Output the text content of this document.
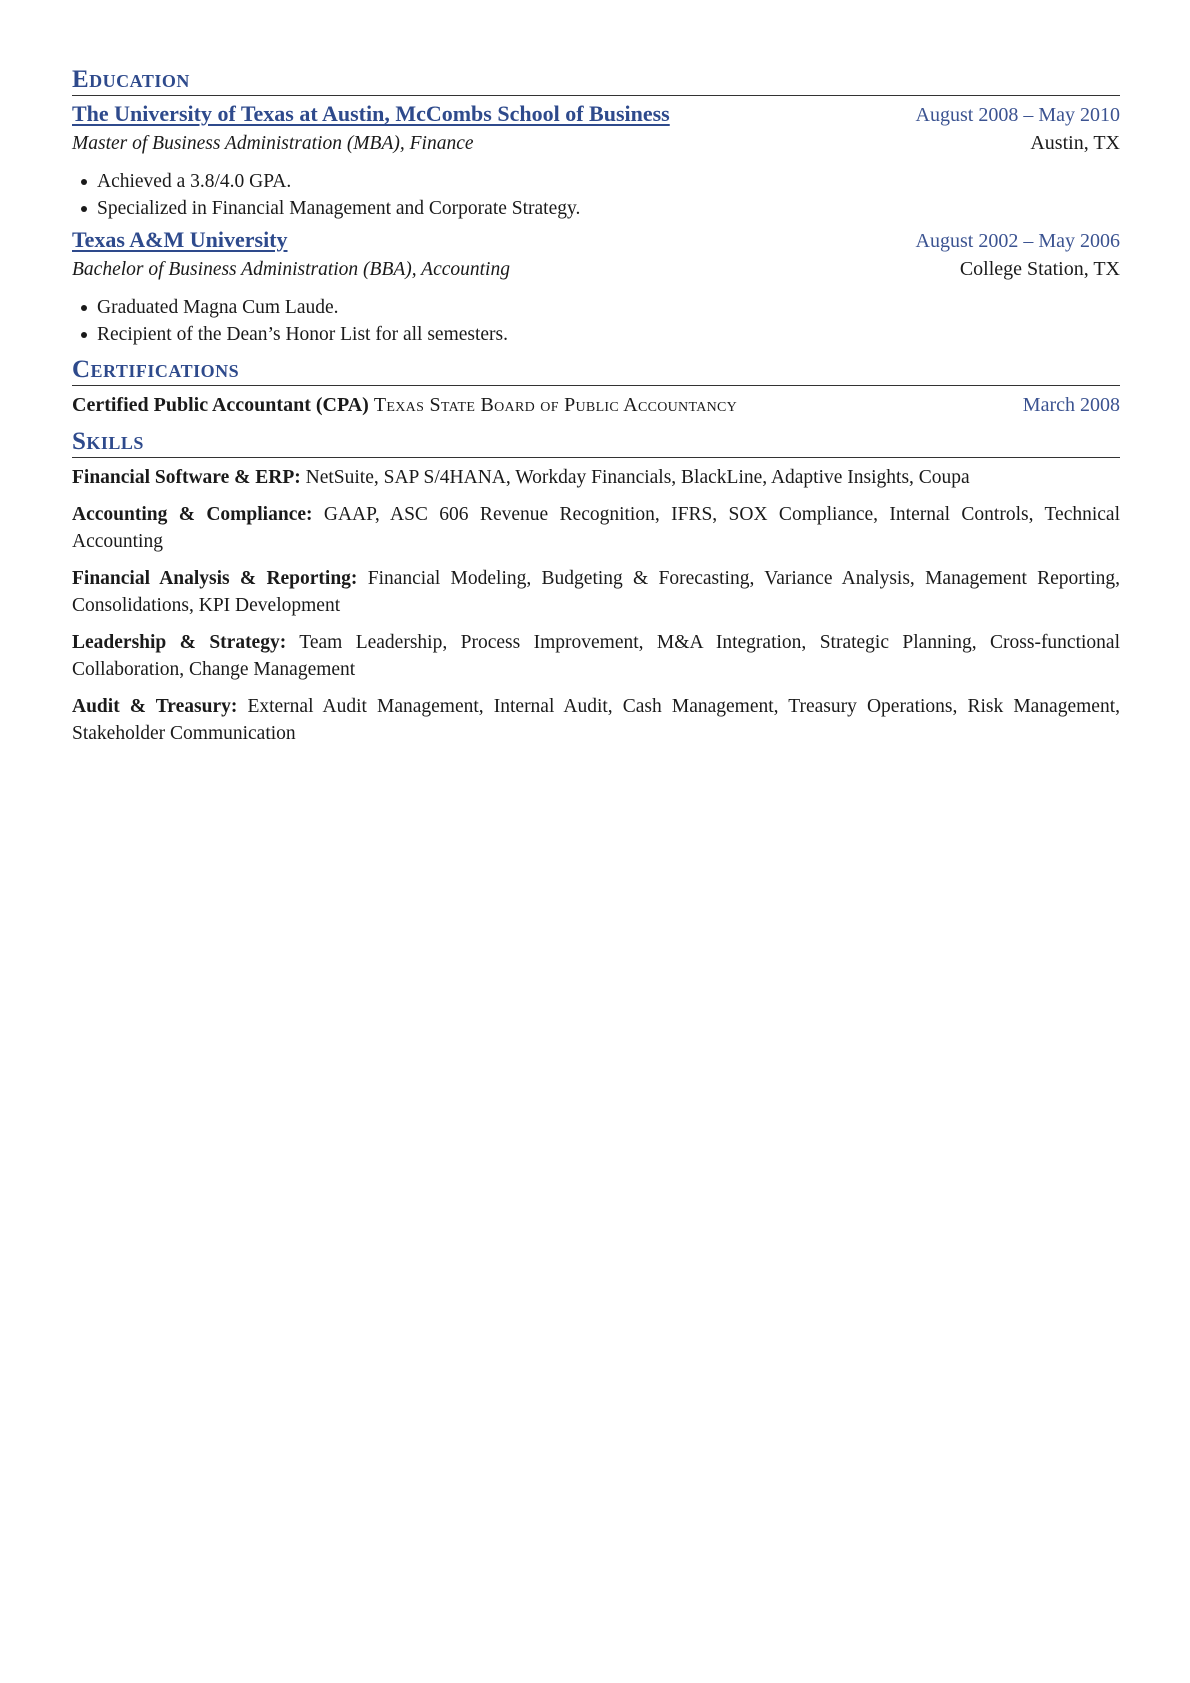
Education
The University of Texas at Austin, McCombs School of Business	August 2008 – May 2010
Master of Business Administration (MBA), Finance	Austin, TX
Achieved a 3.8/4.0 GPA.
Specialized in Financial Management and Corporate Strategy.
Texas A&M University	August 2002 – May 2006
Bachelor of Business Administration (BBA), Accounting	College Station, TX
Graduated Magna Cum Laude.
Recipient of the Dean’s Honor List for all semesters.
Certifications
Certified Public Accountant (CPA) Texas State Board of Public Accountancy	March 2008
Skills
Financial Software & ERP: NetSuite, SAP S/4HANA, Workday Financials, BlackLine, Adaptive Insights, Coupa
Accounting & Compliance: GAAP, ASC 606 Revenue Recognition, IFRS, SOX Compliance, Internal Controls, Technical Accounting
Financial Analysis & Reporting: Financial Modeling, Budgeting & Forecasting, Variance Analysis, Management Reporting, Consolidations, KPI Development
Leadership & Strategy: Team Leadership, Process Improvement, M&A Integration, Strategic Planning, Cross-functional Collaboration, Change Management
Audit & Treasury: External Audit Management, Internal Audit, Cash Management, Treasury Operations, Risk Management, Stakeholder Communication
